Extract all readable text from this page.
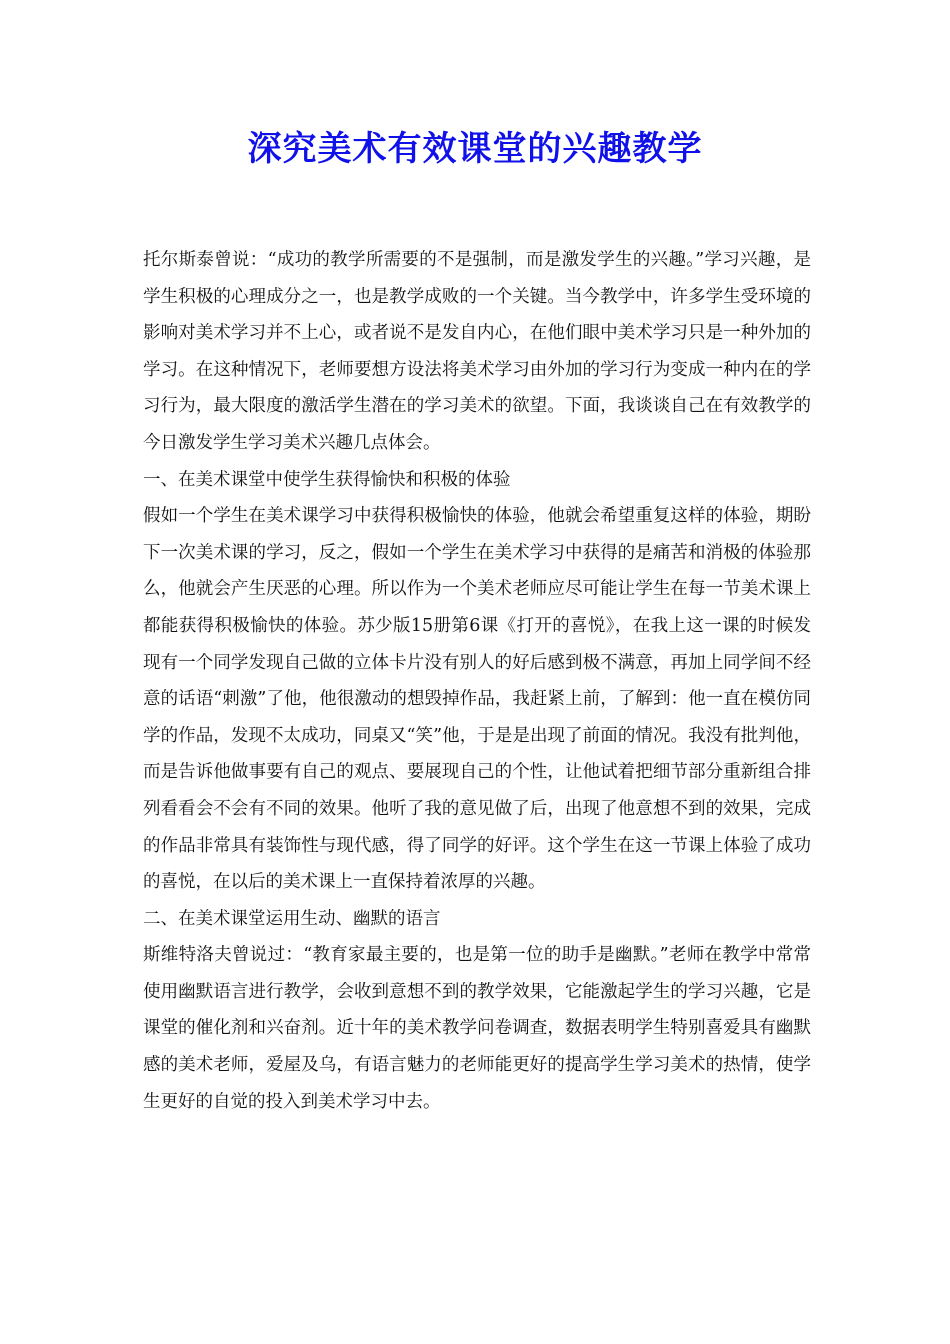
深究美术有效课堂的兴趣教学

托尔斯泰曾说：“成功的教学所需要的不是强制，而是激发学生的兴趣。”学习兴趣，是学生积极的心理成分之一，也是教学成败的一个关键。当今教学中，许多学生受环境的影响对美术学习并不上心，或者说不是发自内心，在他们眼中美术学习只是一种外加的学习。在这种情况下，老师要想方设法将美术学习由外加的学习行为变成一种内在的学习行为，最大限度的激活学生潜在的学习美术的欲望。下面，我谈谈自己在有效教学的今日激发学生学习美术兴趣几点体会。

一、在美术课堂中使学生获得愉快和积极的体验

假如一个学生在美术课学习中获得积极愉快的体验，他就会希望重复这样的体验，期盼下一次美术课的学习，反之，假如一个学生在美术学习中获得的是痛苦和消极的体验那么，他就会产生厌恶的心理。所以作为一个美术老师应尽可能让学生在每一节美术课上都能获得积极愉快的体验。苏少版15册第6课《打开的喜悦》，在我上这一课的时候发现有一个同学发现自己做的立体卡片没有别人的好后感到极不满意，再加上同学间不经意的话语“刺激”了他，他很激动的想毁掉作品，我赶紧上前，了解到：他一直在模仿同学的作品，发现不太成功，同桌又“笑”他，于是是出现了前面的情况。我没有批判他，而是告诉他做事要有自己的观点、要展现自己的个性，让他试着把细节部分重新组合排列看看会不会有不同的效果。他听了我的意见做了后，出现了他意想不到的效果，完成的作品非常具有装饰性与现代感，得了同学的好评。这个学生在这一节课上体验了成功的喜悦，在以后的美术课上一直保持着浓厚的兴趣。

二、在美术课堂运用生动、幽默的语言

斯维特洛夫曾说过：“教育家最主要的，也是第一位的助手是幽默。”老师在教学中常常使用幽默语言进行教学，会收到意想不到的教学效果，它能激起学生的学习兴趣，它是课堂的催化剂和兴奋剂。近十年的美术教学问卷调查，数据表明学生特别喜爱具有幽默感的美术老师，爱屋及乌，有语言魅力的老师能更好的提高学生学习美术的热情，使学生更好的自觉的投入到美术学习中去。
